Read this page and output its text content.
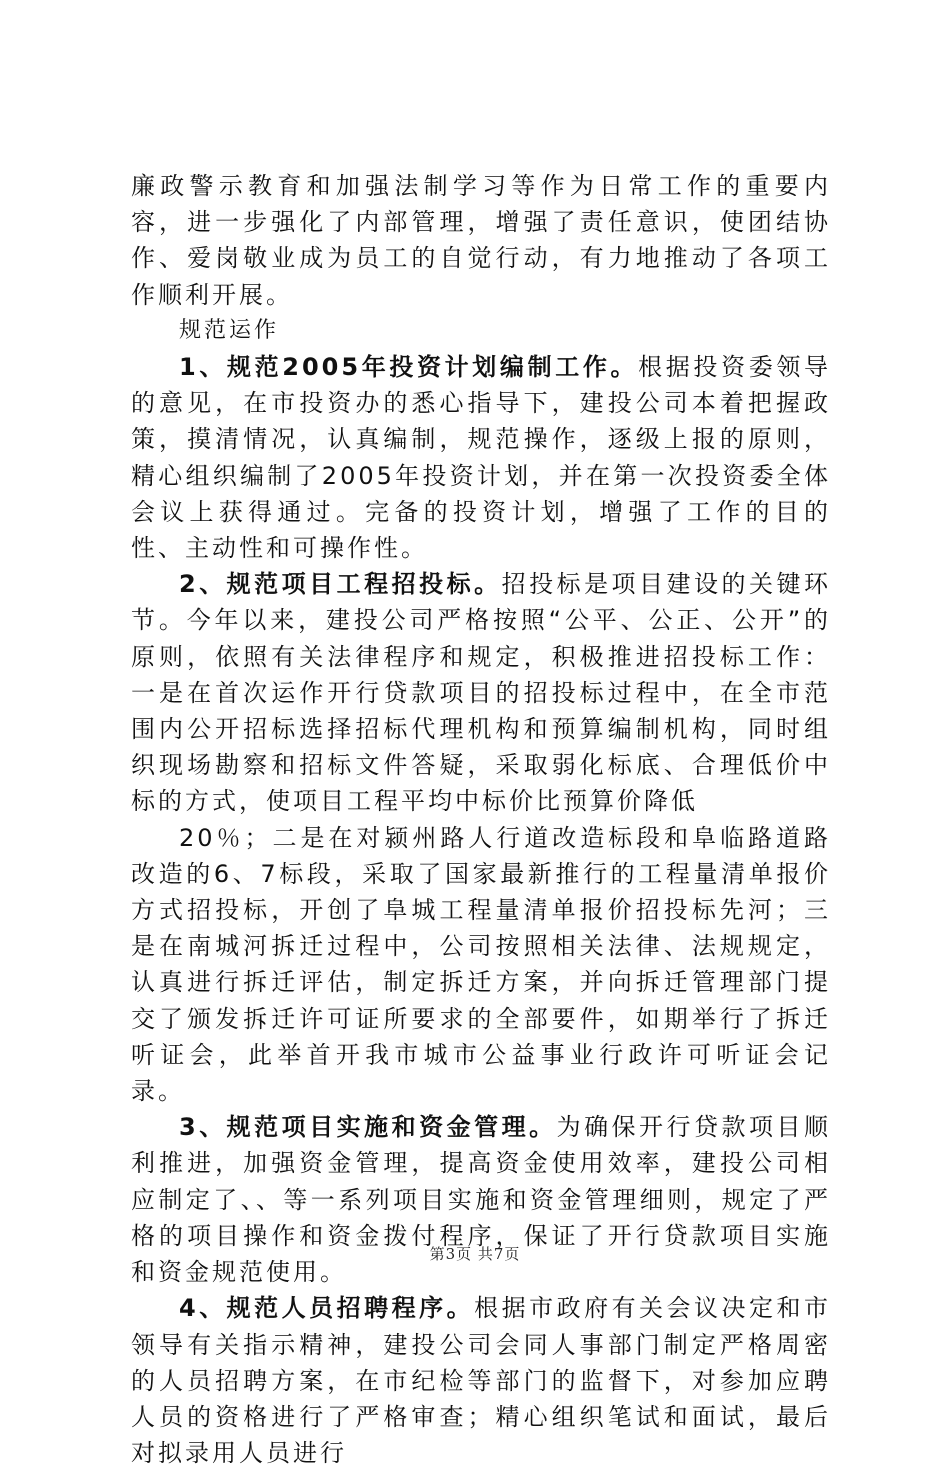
廉政警示教育和加强法制学习等作为日常工作的重要内容，进一步强化了内部管理，增强了责任意识，使团结协作、爱岗敬业成为员工的自觉行动，有力地推动了各项工作顺利开展。

规范运作

1、规范2005年投资计划编制工作。根据投资委领导的意见，在市投资办的悉心指导下，建投公司本着把握政策，摸清情况，认真编制，规范操作，逐级上报的原则，精心组织编制了2005年投资计划，并在第一次投资委全体会议上获得通过。完备的投资计划，增强了工作的目的性、主动性和可操作性。

2、规范项目工程招投标。招投标是项目建设的关键环节。今年以来，建投公司严格按照“公平、公正、公开”的原则，依照有关法律程序和规定，积极推进招投标工作：一是在首次运作开行贷款项目的招投标过程中，在全市范围内公开招标选择招标代理机构和预算编制机构，同时组织现场勘察和招标文件答疑，采取弱化标底、合理低价中标的方式，使项目工程平均中标价比预算价降低

20％；二是在对颍州路人行道改造标段和阜临路道路改造的6、7标段，采取了国家最新推行的工程量清单报价方式招投标，开创了阜城工程量清单报价招投标先河；三是在南城河拆迁过程中，公司按照相关法律、法规规定，认真进行拆迁评估，制定拆迁方案，并向拆迁管理部门提交了颁发拆迁许可证所要求的全部要件，如期举行了拆迁听证会，此举首开我市城市公益事业行政许可听证会记录。

3、规范项目实施和资金管理。为确保开行贷款项目顺利推进，加强资金管理，提高资金使用效率，建投公司相应制定了、、等一系列项目实施和资金管理细则，规定了严格的项目操作和资金拨付程序，保证了开行贷款项目实施和资金规范使用。

4、规范人员招聘程序。根据市政府有关会议决定和市领导有关指示精神，建投公司会同人事部门制定严格周密的人员招聘方案，在市纪检等部门的监督下，对参加应聘人员的资格进行了严格审查；精心组织笔试和面试，最后对拟录用人员进行

第3页 共7页
